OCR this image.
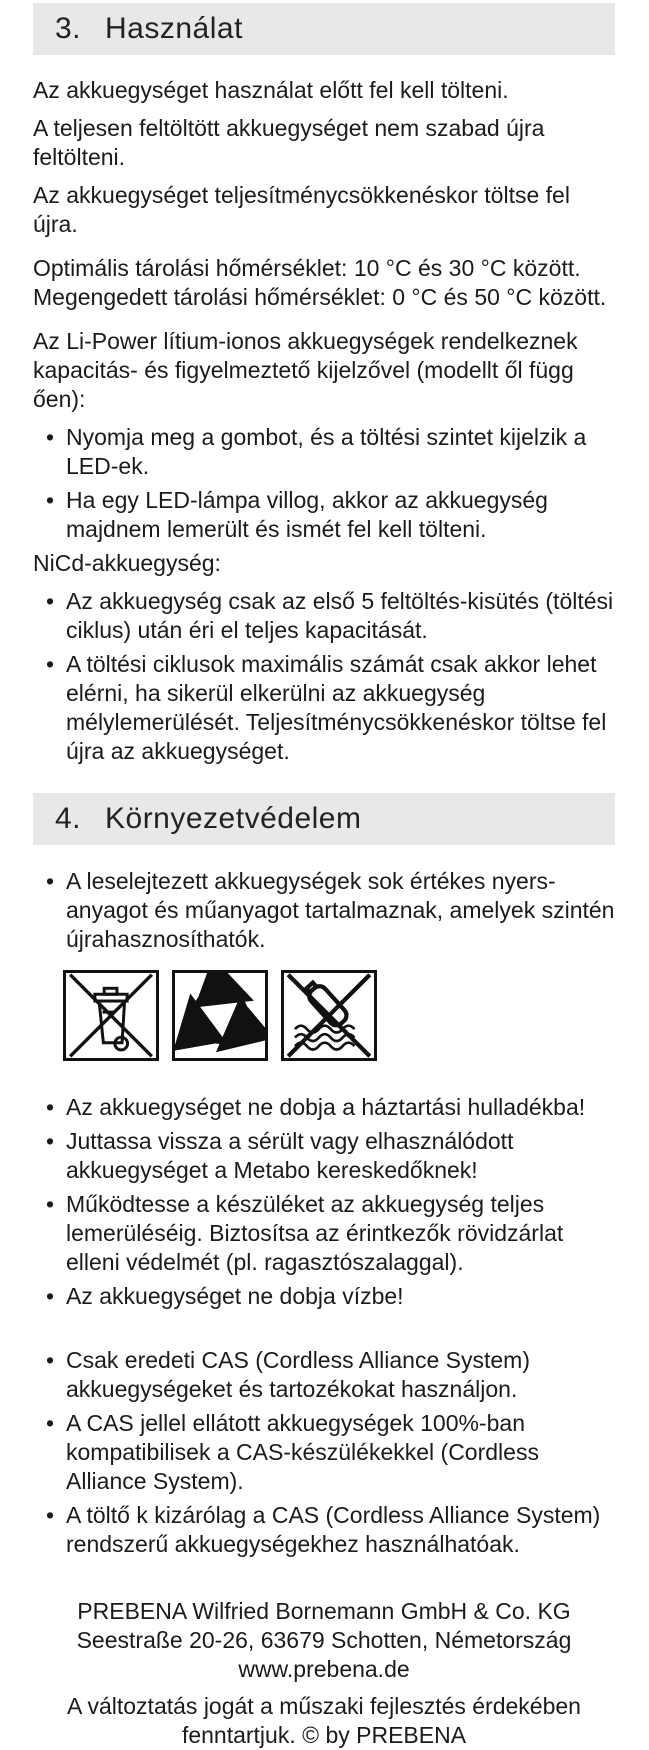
3. Használat

Az akkuegységet használat előtt fel kell tölteni.

A teljesen feltöltött akkuegységet nem szabad újra feltölteni.

Az akkuegységet teljesítménycsökkenéskor töltse fel újra.

Optimális tárolási hőmérséklet: 10 °C és 30 °C között. Megengedett tárolási hőmérséklet: 0 °C és 50 °C között.

Az Li-Power lítium-ionos akkuegységek rendelkeznek kapacitás- és figyelmeztető kijelzővel (modellt ől függ ően):

• Nyomja meg a gombot, és a töltési szintet kijelzik a LED-ek.
• Ha egy LED-lámpa villog, akkor az akkuegység majdnem lemerült és ismét fel kell tölteni.

NiCd-akkuegység:

• Az akkuegység csak az első 5 feltöltés-kisütés (töltési ciklus) után éri el teljes kapacitását.
• A töltési ciklusok maximális számát csak akkor lehet elérni, ha sikerül elkerülni az akkuegység mélylemerülését. Teljesítménycsökkenéskor töltse fel újra az akkuegységet.
4. Környezetvédelem
• A leselejtezett akkuegységek sok értékes nyers-anyagot és műanyagot tartalmaznak, amelyek szintén újrahasznosíthatók.
• Az akkuegységet ne dobja a háztartási hulladékba!
• Juttassa vissza a sérült vagy elhasználódott akkuegységet a Metabo kereskedőknek!
• Működtesse a készüléket az akkuegység teljes lemerüléséig. Biztosítsa az érintkezők rövidzárlat elleni védelmét (pl. ragasztószalaggal).
• Az akkuegységet ne dobja vízbe!
• Csak eredeti CAS (Cordless Alliance System) akkuegységeket és tartozékokat használjon.
• A CAS jellel ellátott akkuegységek 100%-ban kompatibilisek a CAS-készülékekkel (Cordless Alliance System).
• A töltő k kizárólag a CAS (Cordless Alliance System) rendszerű akkuegységekhez használhatóak.
PREBENA Wilfried Bornemann GmbH & Co. KG
Seestraße 20-26, 63679 Schotten, Németország
www.prebena.de
A változtatás jogát a műszaki fejlesztés érdekében fenntartjuk. © by PREBENA
